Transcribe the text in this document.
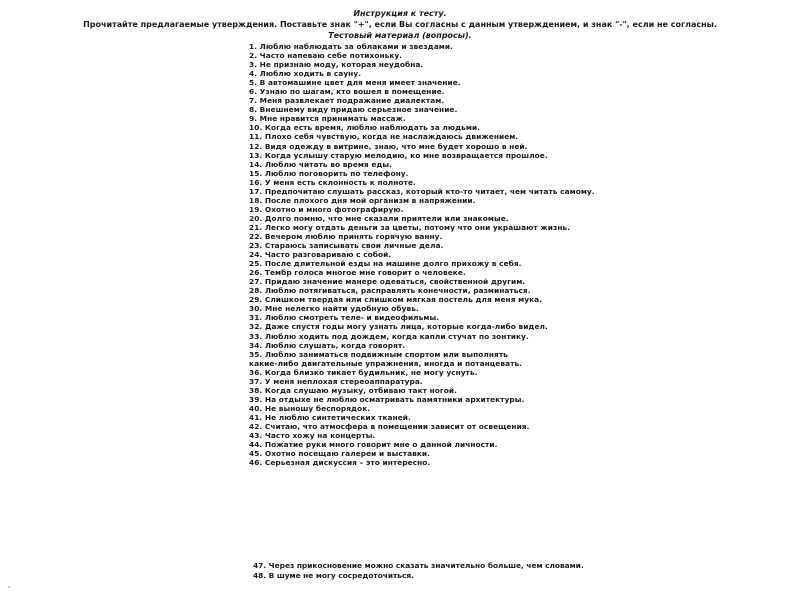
Инструкция к тесту.
Прочитайте предлагаемые утверждения. Поставьте знак "+", если Вы согласны с данным утверждением, и знак "-", если не согласны.
Тестовый материал (вопросы).
1. Люблю наблюдать за облаками и звездами.
2. Часто напеваю себе потихоньку.
3. Не признаю моду, которая неудобна.
4. Люблю ходить в сауну.
5. В автомашине цвет для меня имеет значение.
6. Узнаю по шагам, кто вошел в помещение.
7. Меня развлекает подражание диалектам.
8. Внешнему виду придаю серьезное значение.
9. Мне нравится принимать массаж.
10. Когда есть время, люблю наблюдать за людьми.
11. Плохо себя чувствую, когда не наслаждаюсь движением.
12. Видя одежду в витрине, знаю, что мне будет хорошо в ней.
13. Когда услышу старую мелодию, ко мне возвращается прошлое.
14. Люблю читать во время еды.
15. Люблю поговорить по телефону.
16. У меня есть склонность к полноте.
17. Предпочитаю слушать рассказ, который кто-то читает, чем читать самому.
18. После плохого дня мой организм в напряжении.
19. Охотно и много фотографирую.
20. Долго помню, что мне сказали приятели или знакомые.
21. Легко могу отдать деньги за цветы, потому что они украшают жизнь.
22. Вечером люблю принять горячую ванну.
23. Стараюсь записывать свои личные дела.
24. Часто разговариваю с собой.
25. После длительной езды на машине долго прихожу в себя.
26. Тембр голоса многое мне говорит о человеке.
27. Придаю значение манере одеваться, свойственной другим.
28. Люблю потягиваться, расправлять конечности, разминаться.
29. Слишком твердая или слишком мягкая постель для меня мука.
30. Мне нелегко найти удобную обувь.
31. Люблю смотреть теле- и видеофильмы.
32. Даже спустя годы могу узнать лица, которые когда-либо видел.
33. Люблю ходить под дождем, когда капли стучат по зонтику.
34. Люблю слушать, когда говорят.
35. Люблю заниматься подвижным спортом или выполнять
какие-либо двигательные упражнения, иногда и потанцевать.
36. Когда близко тикает будильник, не могу уснуть.
37. У меня неплохая стереоаппаратура.
38. Когда слушаю музыку, отбиваю такт ногой.
39. На отдыхе не люблю осматривать памятники архитектуры.
40. Не выношу беспорядок.
41. Не люблю синтетических тканей.
42. Считаю, что атмосфера в помещении зависит от освещения.
43. Часто хожу на концерты.
44. Пожатие руки много говорит мне о данной личности.
45. Охотно посещаю галереи и выставки.
46. Серьезная дискуссия – это интересно.
47. Через прикосновение можно сказать значительно больше, чем словами.
48. В шуме не могу сосредоточиться.
